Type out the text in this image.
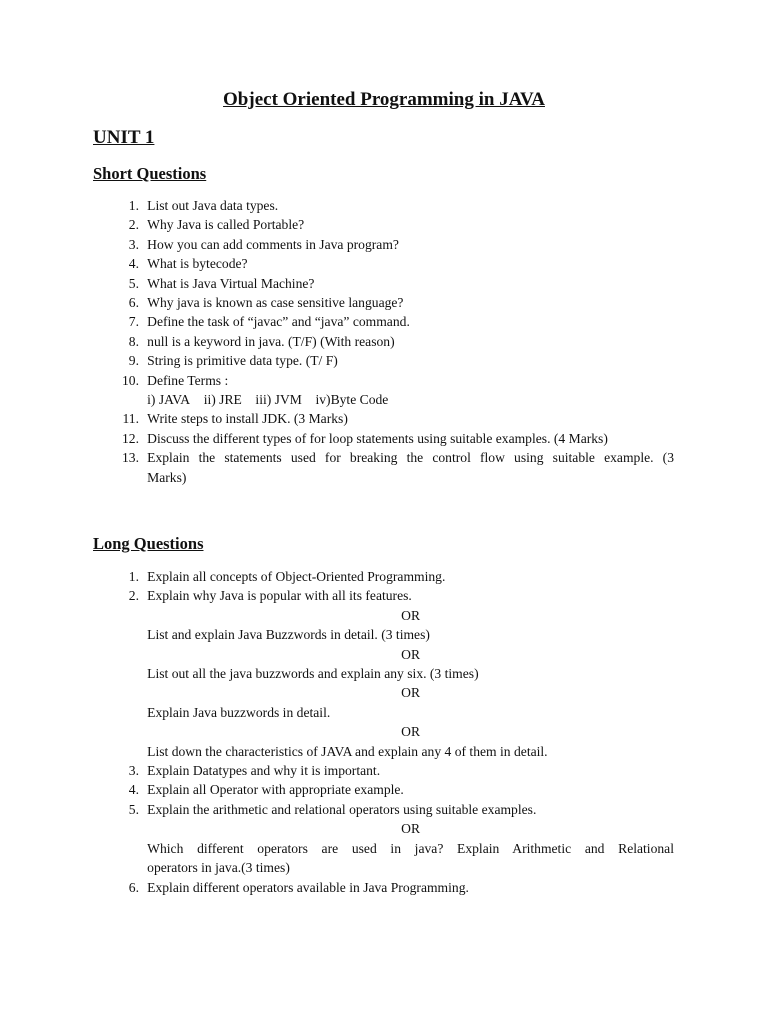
Object Oriented Programming in JAVA
UNIT 1
Short Questions
1. List out Java data types.
2. Why Java is called Portable?
3. How you can add comments in Java program?
4. What is bytecode?
5. What is Java Virtual Machine?
6. Why java is known as case sensitive language?
7. Define the task of “javac” and “java” command.
8. null is a keyword in java. (T/F) (With reason)
9. String is primitive data type. (T/ F)
10. Define Terms :
i) JAVA ii) JRE iii) JVM iv)Byte Code
11. Write steps to install JDK. (3 Marks)
12. Discuss the different types of for loop statements using suitable examples. (4 Marks)
13. Explain the statements used for breaking the control flow using suitable example. (3
Marks)
Long Questions
1. Explain all concepts of Object-Oriented Programming.
2. Explain why Java is popular with all its features.
OR
List and explain Java Buzzwords in detail. (3 times)
OR
List out all the java buzzwords and explain any six. (3 times)
OR
Explain Java buzzwords in detail.
OR
List down the characteristics of JAVA and explain any 4 of them in detail.
3. Explain Datatypes and why it is important.
4. Explain all Operator with appropriate example.
5. Explain the arithmetic and relational operators using suitable examples.
OR
Which different operators are used in java? Explain Arithmetic and Relational
operators in java.(3 times)
6. Explain different operators available in Java Programming.
